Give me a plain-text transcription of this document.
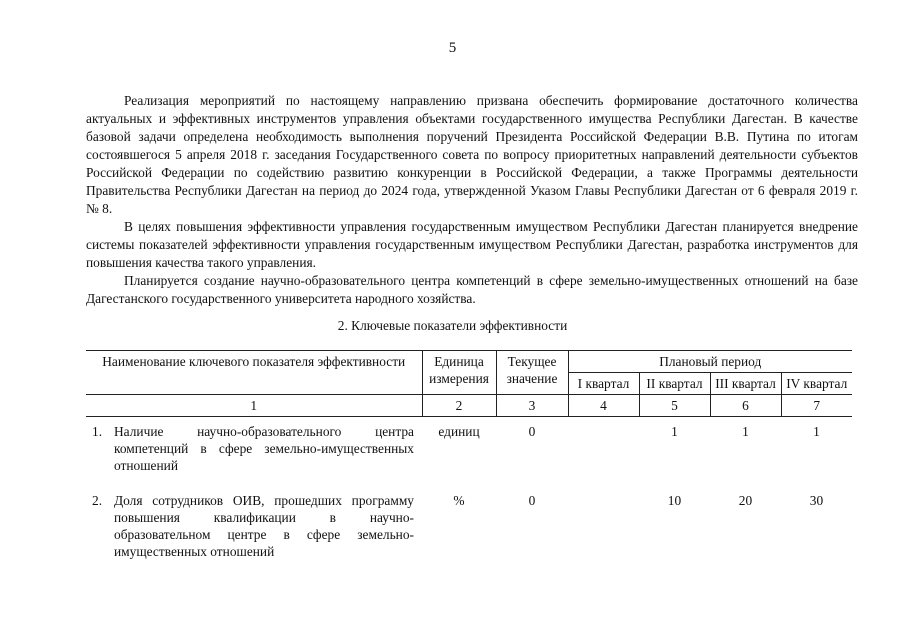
5

Реализация мероприятий по настоящему направлению призвана обеспечить формирование достаточного количества актуальных и эффективных инструментов управления объектами государственного имущества Республики Дагестан. В качестве базовой задачи определена необходимость выполнения поручений Президента Российской Федерации В.В. Путина по итогам состоявшегося 5 апреля 2018 г. заседания Государственного совета по вопросу приоритетных направлений деятельности субъектов Российской Федерации по содействию развитию конкуренции в Российской Федерации, а также Программы деятельности Правительства Республики Дагестан на период до 2024 года, утвержденной Указом Главы Республики Дагестан от 6 февраля 2019 г. № 8.

В целях повышения эффективности управления государственным имуществом Республики Дагестан планируется внедрение системы показателей эффективности управления государственным имуществом Республики Дагестан, разработка инструментов для повышения качества такого управления.

Планируется создание научно-образовательного центра компетенций в сфере земельно-имущественных отношений на базе Дагестанского государственного университета народного хозяйства.

2. Ключевые показатели эффективности
Наименование ключевого показателя эффективности	Единица измерения	Текущее значение	Плановый период			
			I квартал	II квартал	III квартал	IV квартал
1	2	3	4	5	6	7
1. Наличие научно-образовательного центра компетенций в сфере земельно-имущественных отношений	единиц	0		1	1	1
2. Доля сотрудников ОИВ, прошедших программу повышения квалификации в научно-образовательном центре в сфере земельно-имущественных отношений	%	0		10	20	30
